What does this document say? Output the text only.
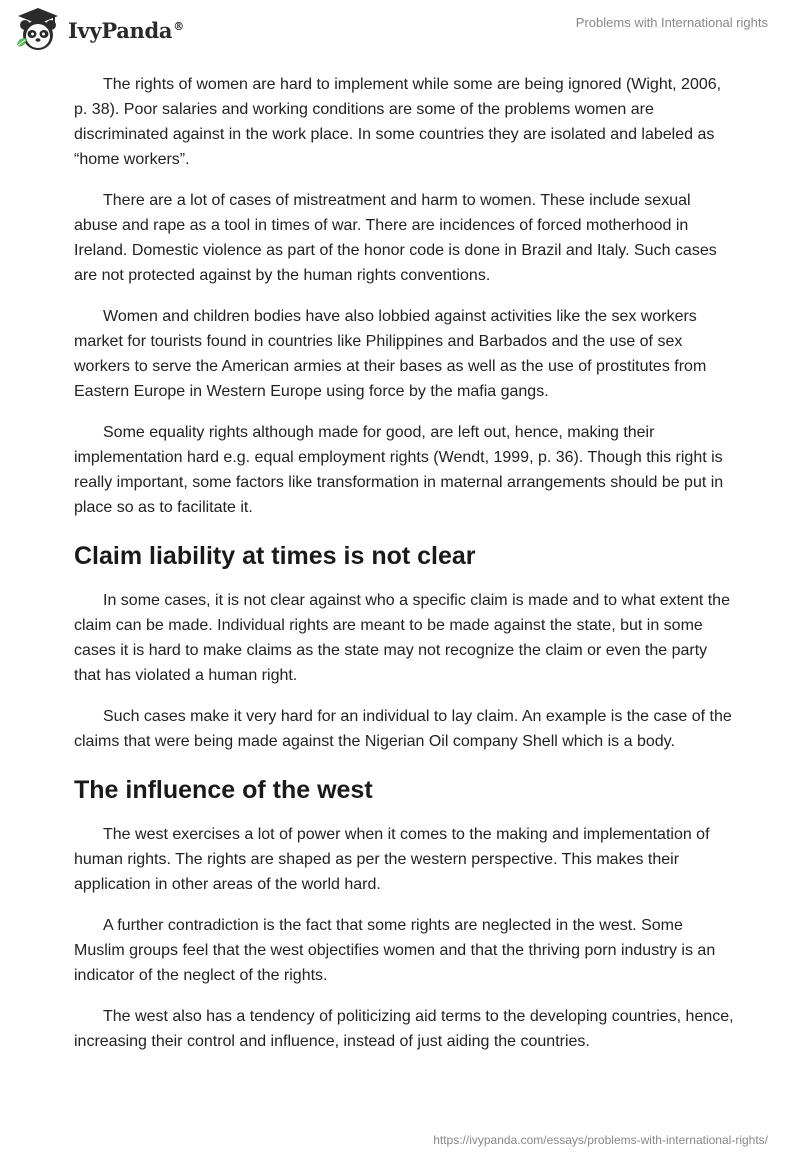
IvyPanda®	Problems with International rights

The rights of women are hard to implement while some are being ignored (Wight, 2006, p. 38). Poor salaries and working conditions are some of the problems women are discriminated against in the work place. In some countries they are isolated and labeled as “home workers”.

There are a lot of cases of mistreatment and harm to women. These include sexual abuse and rape as a tool in times of war. There are incidences of forced motherhood in Ireland. Domestic violence as part of the honor code is done in Brazil and Italy. Such cases are not protected against by the human rights conventions.

Women and children bodies have also lobbied against activities like the sex workers market for tourists found in countries like Philippines and Barbados and the use of sex workers to serve the American armies at their bases as well as the use of prostitutes from Eastern Europe in Western Europe using force by the mafia gangs.

Some equality rights although made for good, are left out, hence, making their implementation hard e.g. equal employment rights (Wendt, 1999, p. 36). Though this right is really important, some factors like transformation in maternal arrangements should be put in place so as to facilitate it.

Claim liability at times is not clear

In some cases, it is not clear against who a specific claim is made and to what extent the claim can be made. Individual rights are meant to be made against the state, but in some cases it is hard to make claims as the state may not recognize the claim or even the party that has violated a human right.

Such cases make it very hard for an individual to lay claim. An example is the case of the claims that were being made against the Nigerian Oil company Shell which is a body.

The influence of the west

The west exercises a lot of power when it comes to the making and implementation of human rights. The rights are shaped as per the western perspective. This makes their application in other areas of the world hard.

A further contradiction is the fact that some rights are neglected in the west. Some Muslim groups feel that the west objectifies women and that the thriving porn industry is an indicator of the neglect of the rights.

The west also has a tendency of politicizing aid terms to the developing countries, hence, increasing their control and influence, instead of just aiding the countries.

https://ivypanda.com/essays/problems-with-international-rights/
